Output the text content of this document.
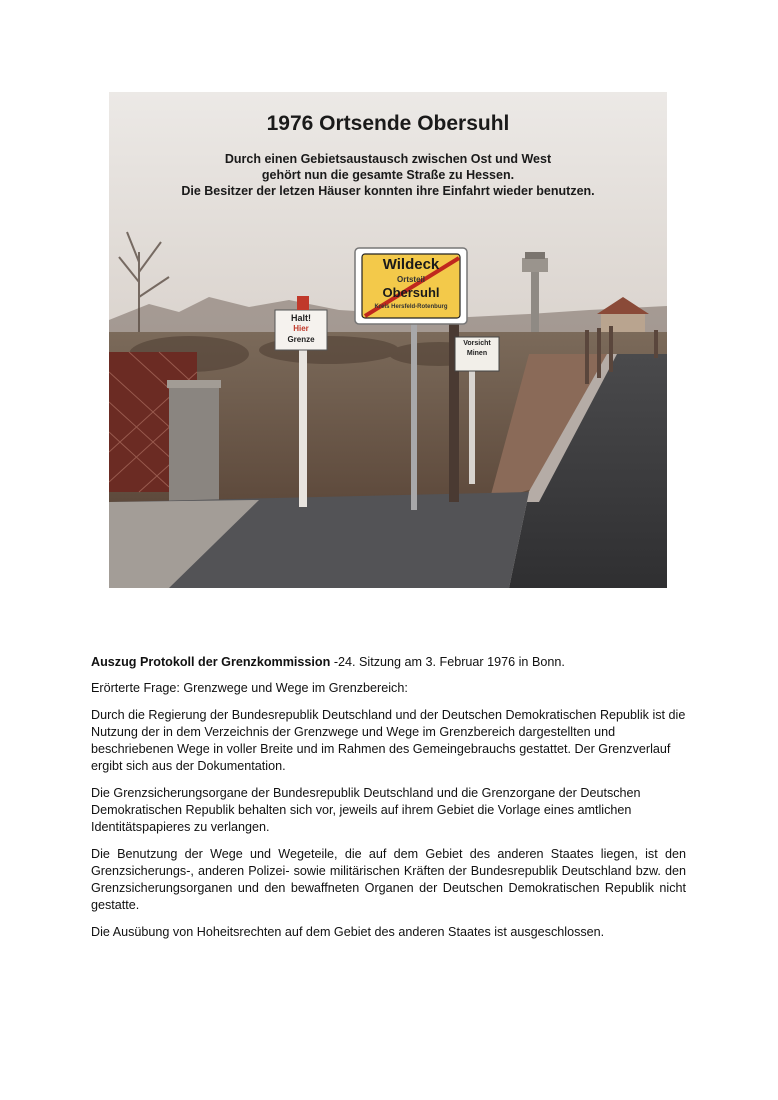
1976 Ortsende Obersuhl
Durch einen Gebietsaustausch zwischen Ost und West
gehört nun die gesamte Straße zu Hessen.
Die Besitzer der letzen Häuser konnten ihre Einfahrt wieder benutzen.
Wildeck
Ortsteil
Obersuhl
Kreis Hersfeld-Rotenburg
Halt!
Hier
Grenze	Vorsicht
Minen

Auszug Protokoll der Grenzkommission -24. Sitzung am 3. Februar 1976 in Bonn.

Erörterte Frage: Grenzwege und Wege im Grenzbereich:

Durch die Regierung der Bundesrepublik Deutschland und der Deutschen Demokratischen Republik ist die Nutzung der in dem Verzeichnis der Grenzwege und Wege im Grenzbereich dargestellten und beschriebenen Wege in voller Breite und im Rahmen des Gemeingebrauchs gestattet. Der Grenzverlauf ergibt sich aus der Dokumentation.

Die Grenzsicherungsorgane der Bundesrepublik Deutschland und die Grenzorgane der Deutschen Demokratischen Republik behalten sich vor, jeweils auf ihrem Gebiet die Vorlage eines amtlichen Identitätspapieres zu verlangen.

Die Benutzung der Wege und Wegeteile, die auf dem Gebiet des anderen Staates liegen, ist den Grenzsicherungs-, anderen Polizei- sowie militärischen Kräften der Bundesrepublik Deutschland bzw. den Grenzsicherungsorganen und den bewaffneten Organen der Deutschen Demokratischen Republik nicht gestatte.

Die Ausübung von Hoheitsrechten auf dem Gebiet des anderen Staates ist ausgeschlossen.
